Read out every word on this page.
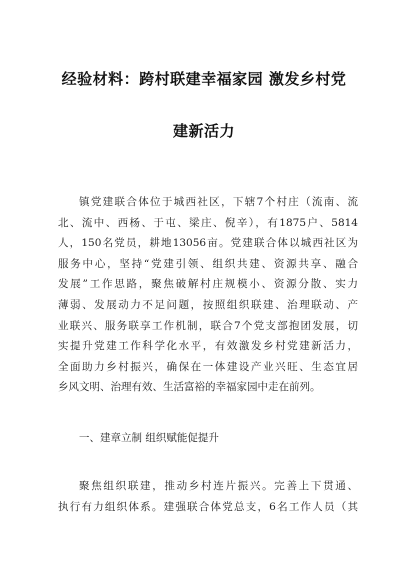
经验材料：跨村联建幸福家园 激发乡村党
建新活力
镇党建联合体位于城西社区，下辖7个村庄（流南、流
北、流中、西杨、于屯、梁庄、倪辛），有1875户、5814
人，150名党员，耕地13056亩。党建联合体以城西社区为
服务中心，坚持“党建引领、组织共建、资源共享、融合
发展”工作思路，聚焦破解村庄规模小、资源分散、实力
薄弱、发展动力不足问题，按照组织联建、治理联动、产
业联兴、服务联享工作机制，联合7个党支部抱团发展，切
实提升党建工作科学化水平，有效激发乡村党建新活力，
全面助力乡村振兴，确保在一体建设产业兴旺、生态宜居
乡风文明、治理有效、生活富裕的幸福家园中走在前列。
一、建章立制 组织赋能促提升
聚焦组织联建，推动乡村连片振兴。完善上下贯通、
执行有力组织体系。建强联合体党总支，6名工作人员（其
